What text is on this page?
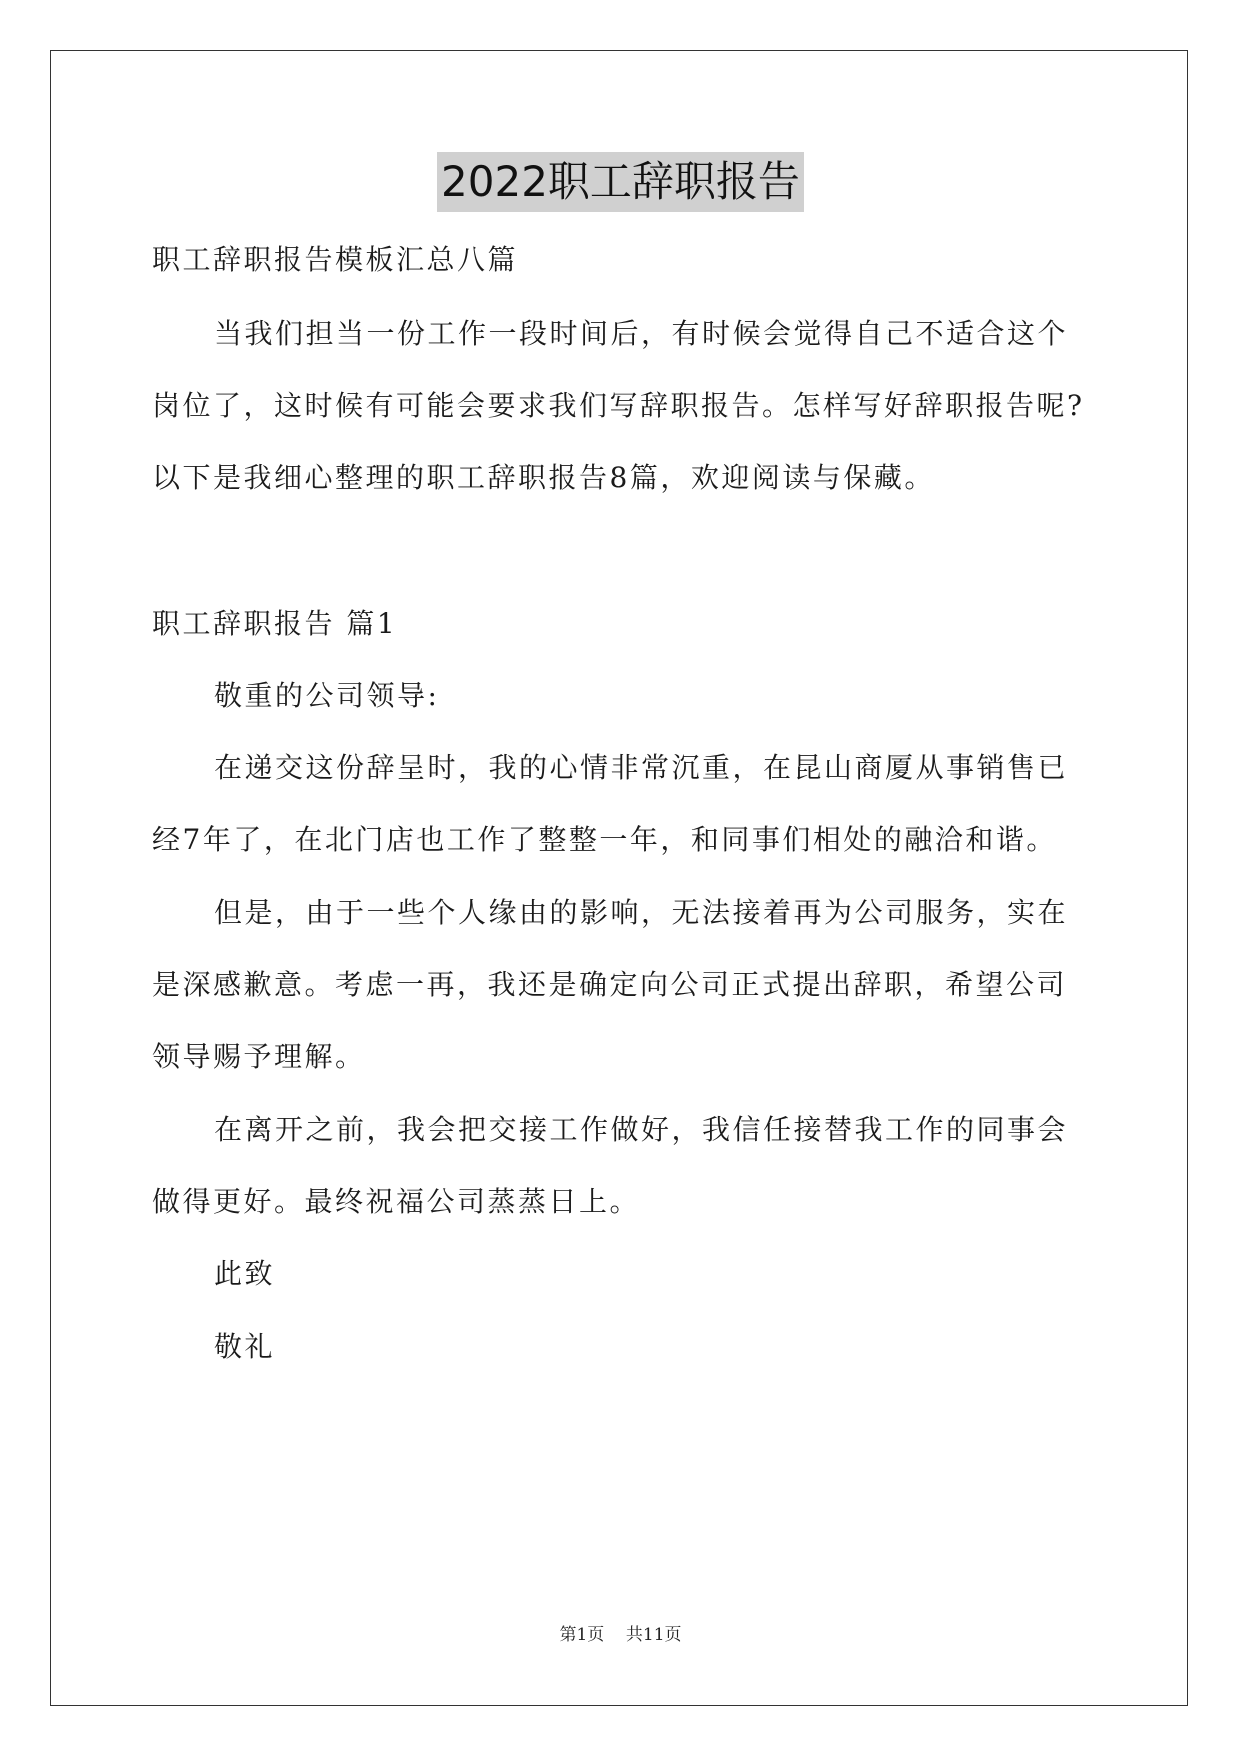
2022职工辞职报告
职工辞职报告模板汇总八篇
当我们担当一份工作一段时间后，有时候会觉得自己不适合这个
岗位了，这时候有可能会要求我们写辞职报告。怎样写好辞职报告呢?
以下是我细心整理的职工辞职报告8篇，欢迎阅读与保藏。
职工辞职报告 篇1
敬重的公司领导:
在递交这份辞呈时，我的心情非常沉重，在昆山商厦从事销售已
经7年了，在北门店也工作了整整一年，和同事们相处的融洽和谐。
但是，由于一些个人缘由的影响，无法接着再为公司服务，实在
是深感歉意。考虑一再，我还是确定向公司正式提出辞职，希望公司
领导赐予理解。
在离开之前，我会把交接工作做好，我信任接替我工作的同事会
做得更好。最终祝福公司蒸蒸日上。
此致
敬礼
第1页    共11页
